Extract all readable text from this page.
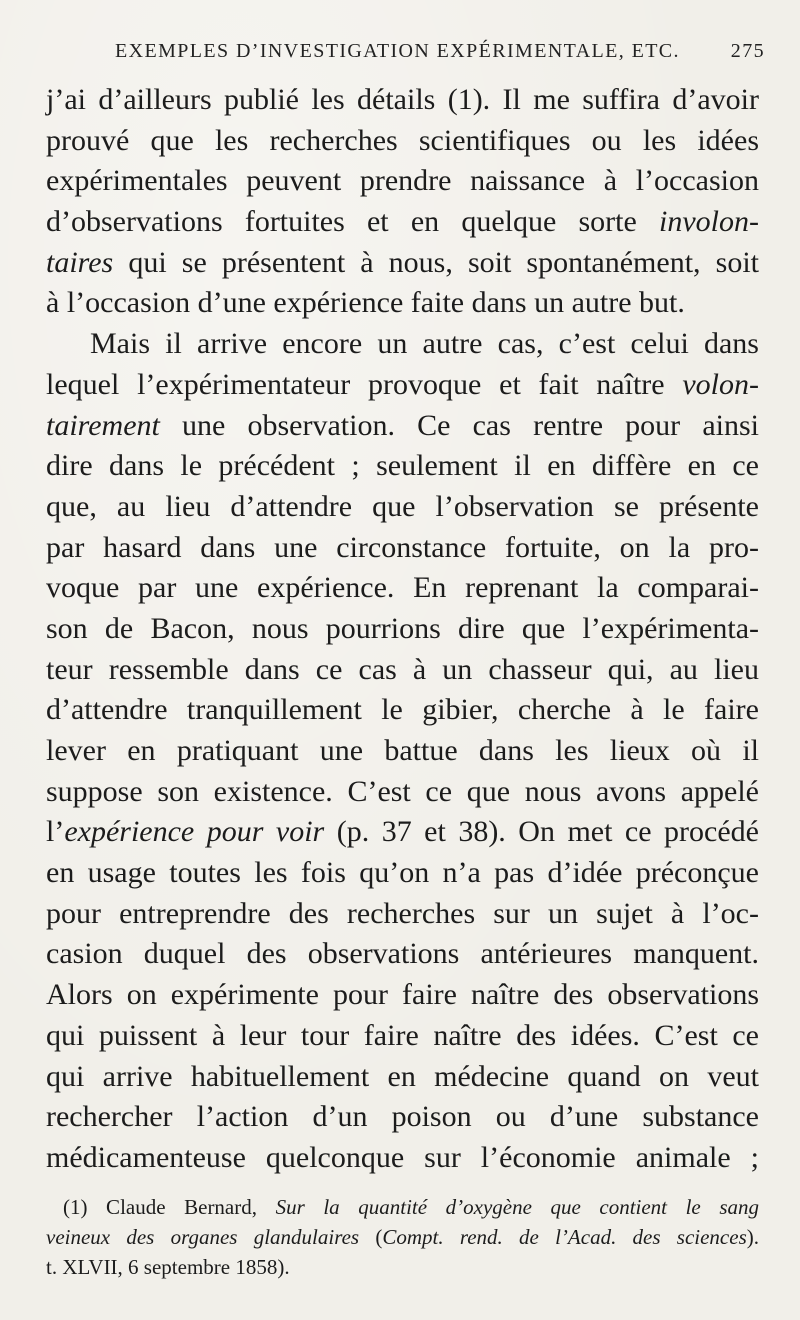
EXEMPLES D’INVESTIGATION EXPÉRIMENTALE, ETC.	275
j’ai d’ailleurs publié les détails (1). Il me suffira d’avoir
prouvé que les recherches scientifiques ou les idées
expérimentales peuvent prendre naissance à l’occasion
d’observations fortuites et en quelque sorte involon-
taires qui se présentent à nous, soit spontanément, soit
à l’occasion d’une expérience faite dans un autre but.
Mais il arrive encore un autre cas, c’est celui dans
lequel l’expérimentateur provoque et fait naître volon-
tairement une observation. Ce cas rentre pour ainsi
dire dans le précédent ; seulement il en diffère en ce
que, au lieu d’attendre que l’observation se présente
par hasard dans une circonstance fortuite, on la pro-
voque par une expérience. En reprenant la comparai-
son de Bacon, nous pourrions dire que l’expérimenta-
teur ressemble dans ce cas à un chasseur qui, au lieu
d’attendre tranquillement le gibier, cherche à le faire
lever en pratiquant une battue dans les lieux où il
suppose son existence. C’est ce que nous avons appelé
l’expérience pour voir (p. 37 et 38). On met ce procédé
en usage toutes les fois qu’on n’a pas d’idée préconçue
pour entreprendre des recherches sur un sujet à l’oc-
casion duquel des observations antérieures manquent.
Alors on expérimente pour faire naître des observations
qui puissent à leur tour faire naître des idées. C’est ce
qui arrive habituellement en médecine quand on veut
rechercher l’action d’un poison ou d’une substance
médicamenteuse quelconque sur l’économie animale ;
(1) Claude Bernard, Sur la quantité d’oxygène que contient le sang
veineux des organes glandulaires (Compt. rend. de l’Acad. des sciences).
t. XLVII, 6 septembre 1858).
